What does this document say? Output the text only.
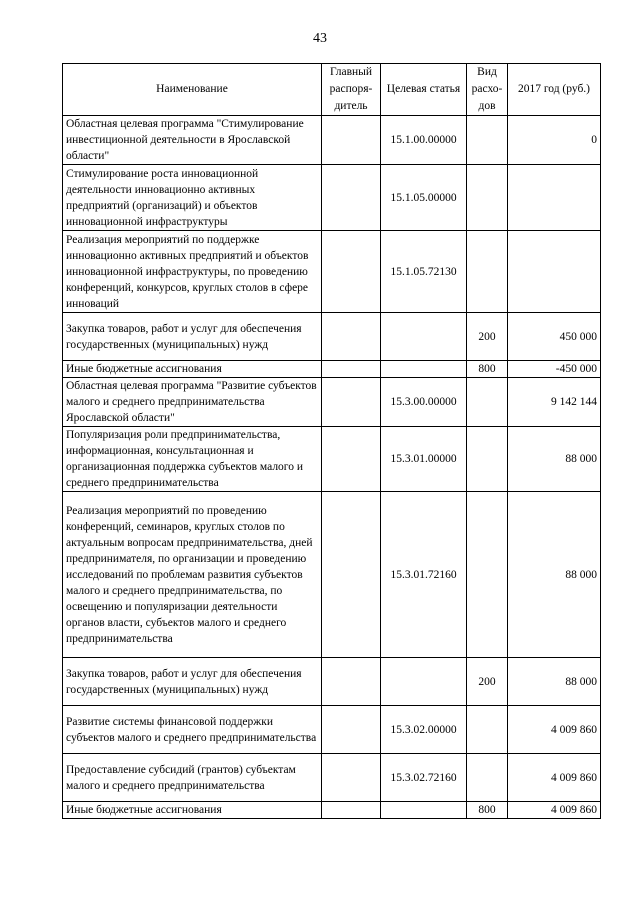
43
Наименование	Главный распоря-дитель	Целевая статья	Вид расхо-дов	2017 год (руб.)
Областная целевая программа "Стимулирование инвестиционной деятельности в Ярославской области"		15.1.00.00000		0
Стимулирование роста инновационной деятельности инновационно активных предприятий (организаций) и объектов инновационной инфраструктуры		15.1.05.00000		
Реализация мероприятий по поддержке инновационно активных предприятий и объектов инновационной инфраструктуры, по проведению конференций, конкурсов, круглых столов в сфере инноваций		15.1.05.72130		
Закупка товаров, работ и услуг для обеспечения государственных (муниципальных) нужд			200	450 000
Иные бюджетные ассигнования			800	-450 000
Областная целевая программа "Развитие субъектов малого и среднего предпринимательства Ярославской области"		15.3.00.00000		9 142 144
Популяризация роли предпринимательства, информационная, консультационная и организационная поддержка субъектов малого и среднего предпринимательства		15.3.01.00000		88 000
Реализация мероприятий по проведению конференций, семинаров, круглых столов по актуальным вопросам предпринимательства, дней предпринимателя, по организации и проведению исследований по проблемам развития субъектов малого и среднего предпринимательства, по освещению и популяризации деятельности органов власти, субъектов малого и среднего предпринимательства		15.3.01.72160		88 000
Закупка товаров, работ и услуг для обеспечения государственных (муниципальных) нужд			200	88 000
Развитие системы финансовой поддержки субъектов малого и среднего предпринимательства		15.3.02.00000		4 009 860
Предоставление субсидий (грантов) субъектам малого и среднего предпринимательства		15.3.02.72160		4 009 860
Иные бюджетные ассигнования			800	4 009 860
